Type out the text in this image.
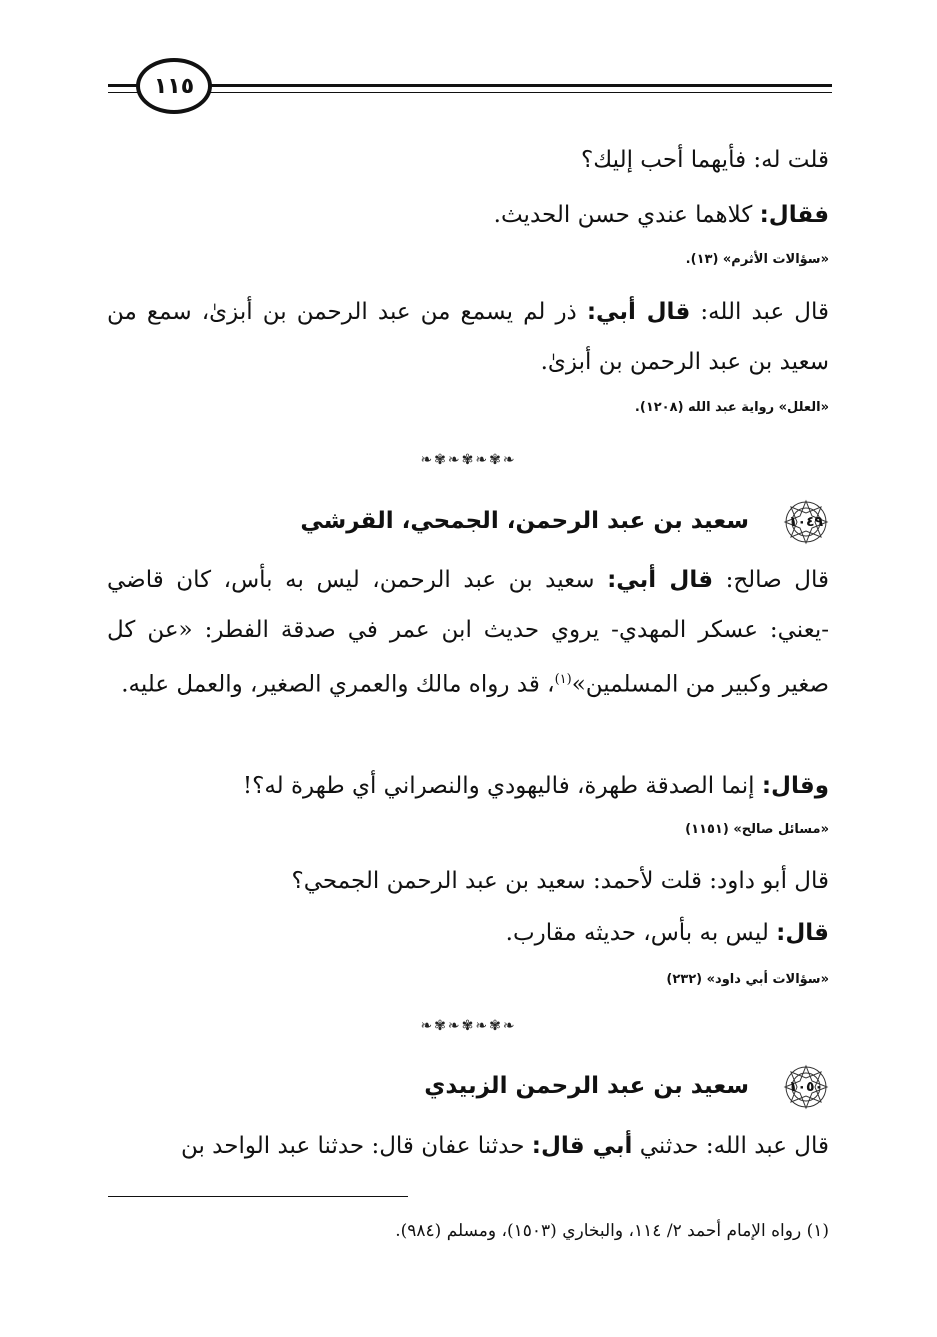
١١٥
قلت له: فأيهما أحب إليك؟
فقال: كلاهما عندي حسن الحديث.
«سؤالات الأثرم» (١٣).
قال عبد الله: قال أبي: ذر لم يسمع من عبد الرحمن بن أبزىٰ، سمع من سعيد بن عبد الرحمن بن أبزىٰ.
«العلل» رواية عبد الله (١٢٠٨).
❧✾❧✾❧✾❧
١٠٤٩
سعيد بن عبد الرحمن، الجمحي، القرشي
قال صالح: قال أبي: سعيد بن عبد الرحمن، ليس به بأس، كان قاضي -يعني: عسكر المهدي- يروي حديث ابن عمر في صدقة الفطر: «عن كل صغير وكبير من المسلمين»$^{(١)}$، قد رواه مالك والعمري الصغير، والعمل عليه.
وقال: إنما الصدقة طهرة، فاليهودي والنصراني أي طهرة له؟!
«مسائل صالح» (١١٥١)
قال أبو داود: قلت لأحمد: سعيد بن عبد الرحمن الجمحي؟
قال: ليس به بأس، حديثه مقارب.
«سؤالات أبي داود» (٢٣٢)
❧✾❧✾❧✾❧
١٠٥٠
سعيد بن عبد الرحمن الزبيدي
قال عبد الله: حدثني أبي قال: حدثنا عفان قال: حدثنا عبد الواحد بن
(١) رواه الإمام أحمد ٢/ ١١٤، والبخاري (١٥٠٣)، ومسلم (٩٨٤).
